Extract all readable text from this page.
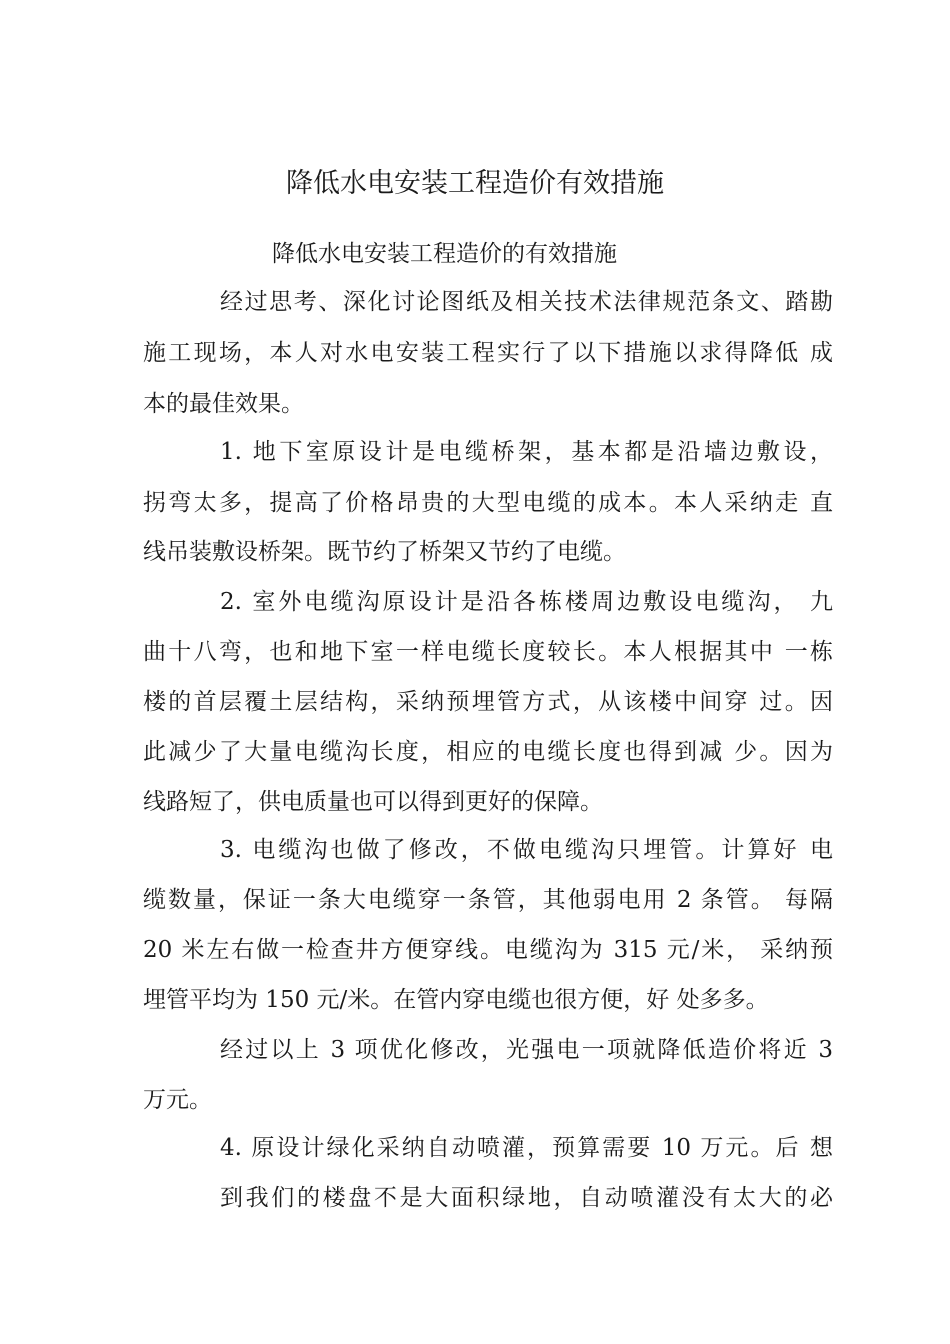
降低水电安装工程造价有效措施
降低水电安装工程造价的有效措施
经过思考、深化讨论图纸及相关技术法律规范条文、踏勘
施工现场，本人对水电安装工程实行了以下措施以求得降低 成
本的最佳效果。
1. 地下室原设计是电缆桥架，基本都是沿墙边敷设，
拐弯太多，提高了价格昂贵的大型电缆的成本。本人采纳走 直
线吊装敷设桥架。既节约了桥架又节约了电缆。
2. 室外电缆沟原设计是沿各栋楼周边敷设电缆沟， 九
曲十八弯，也和地下室一样电缆长度较长。本人根据其中 一栋
楼的首层覆土层结构，采纳预埋管方式，从该楼中间穿 过。因
此减少了大量电缆沟长度，相应的电缆长度也得到减 少。因为
线路短了，供电质量也可以得到更好的保障。
3. 电缆沟也做了修改，不做电缆沟只埋管。计算好 电
缆数量，保证一条大电缆穿一条管，其他弱电用 2 条管。 每隔
20 米左右做一检查井方便穿线。电缆沟为 315 元/米， 采纳预
埋管平均为 150 元/米。在管内穿电缆也很方便，好 处多多。
经过以上 3 项优化修改，光强电一项就降低造价将近 3
万元。
4. 原设计绿化采纳自动喷灌，预算需要 10 万元。后 想
到我们的楼盘不是大面积绿地，自动喷灌没有太大的必
